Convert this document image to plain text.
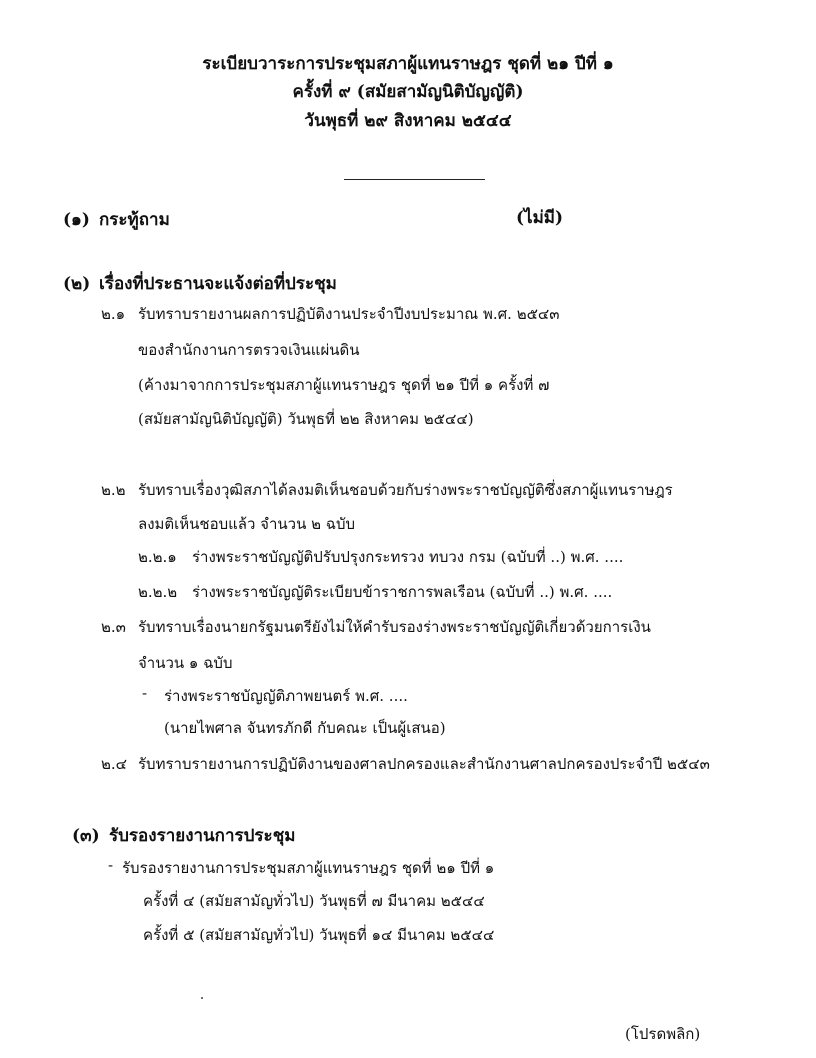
ระเบียบวาระการประชุมสภาผู้แทนราษฎร ชุดที่ ๒๑ ปีที่ ๑
ครั้งที่ ๙ (สมัยสามัญนิติบัญญัติ)
วันพุธที่ ๒๙ สิงหาคม ๒๕๔๔
(๑) กระทู้ถาม	(ไม่มี)
(๒) เรื่องที่ประธานจะแจ้งต่อที่ประชุม
๒.๑ รับทราบรายงานผลการปฏิบัติงานประจำปีงบประมาณ พ.ศ. ๒๕๔๓
ของสำนักงานการตรวจเงินแผ่นดิน
(ค้างมาจากการประชุมสภาผู้แทนราษฎร ชุดที่ ๒๑ ปีที่ ๑ ครั้งที่ ๗
(สมัยสามัญนิติบัญญัติ) วันพุธที่ ๒๒ สิงหาคม ๒๕๔๔)
๒.๒ รับทราบเรื่องวุฒิสภาได้ลงมติเห็นชอบด้วยกับร่างพระราชบัญญัติซึ่งสภาผู้แทนราษฎร
ลงมติเห็นชอบแล้ว จำนวน ๒ ฉบับ
๒.๒.๑ ร่างพระราชบัญญัติปรับปรุงกระทรวง ทบวง กรม (ฉบับที่ ..) พ.ศ. ....
๒.๒.๒ ร่างพระราชบัญญัติระเบียบข้าราชการพลเรือน (ฉบับที่ ..) พ.ศ. ....
๒.๓ รับทราบเรื่องนายกรัฐมนตรียังไม่ให้คำรับรองร่างพระราชบัญญัติเกี่ยวด้วยการเงิน
จำนวน ๑ ฉบับ
- ร่างพระราชบัญญัติภาพยนตร์ พ.ศ. ....
(นายไพศาล จันทรภักดี กับคณะ เป็นผู้เสนอ)
๒.๔ รับทราบรายงานการปฏิบัติงานของศาลปกครองและสำนักงานศาลปกครองประจำปี ๒๕๔๓
(๓) รับรองรายงานการประชุม
- รับรองรายงานการประชุมสภาผู้แทนราษฎร ชุดที่ ๒๑ ปีที่ ๑
ครั้งที่ ๔ (สมัยสามัญทั่วไป) วันพุธที่ ๗ มีนาคม ๒๕๔๔
ครั้งที่ ๕ (สมัยสามัญทั่วไป) วันพุธที่ ๑๔ มีนาคม ๒๕๔๔
(โปรดพลิก)
